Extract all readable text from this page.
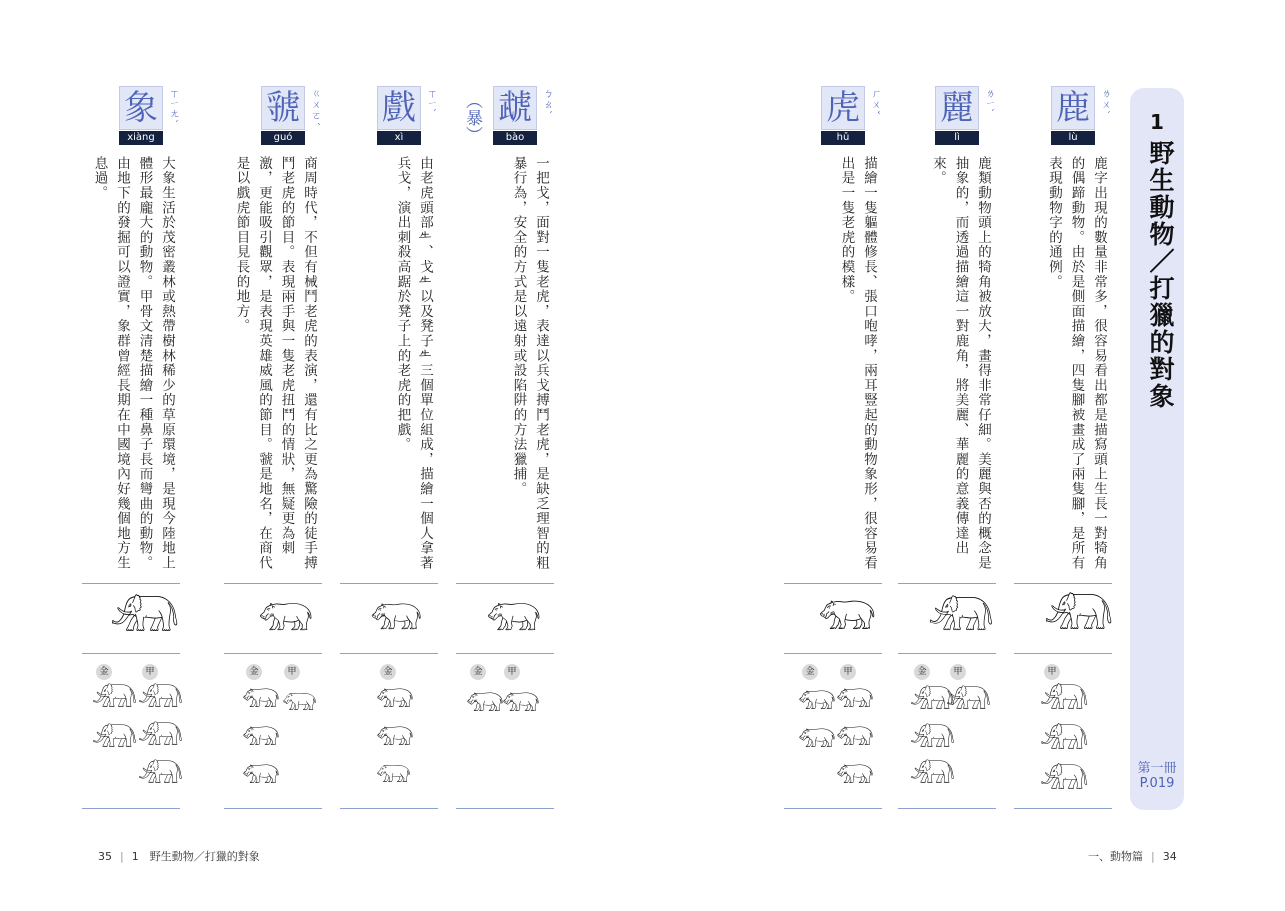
象 ㄒㄧㄤˋ
xiàng
大象生活於茂密叢林或熱帶樹林稀少的草原環境，是現今陸地上體形最龐大的動物。甲骨文清楚描繪一種鼻子長而彎曲的動物。由地下的發掘可以證實，象群曾經長期在中國境內好幾個地方生息過。
𓃰
金	甲
𓃰
𓃰
𓃰
𓃰
𓃰
虢 ㄍㄨㄛˊ
guó
商周時代，不但有械鬥老虎的表演，還有比之更為驚險的徒手搏鬥老虎的節目。表現兩手與一隻老虎扭鬥的情狀，無疑更為刺激，更能吸引觀眾，是表現英雄威風的節目。虢是地名，在商代是以戲虎節目見長的地方。
𓃯
金	甲
𓃯
𓃯
𓃯
𓃯
戲 ㄒㄧˋ
xì
由老虎頭部𠂒、戈𠂒以及凳子𠂒三個單位組成，描繪一個人拿著兵戈，演出刺殺高踞於凳子上的老虎的把戲。
𓃯
金
𓃯
𓃯
𓃯
（暴） 虣 ㄅㄠˋ
bào
一把戈，面對一隻老虎，表達以兵戈搏鬥老虎，是缺乏理智的粗暴行為，安全的方式是以遠射或設陷阱的方法獵捕。
𓃯
金	甲
𓃯
𓃯
虎 ㄏㄨˇ
hǔ
描繪一隻軀體修長、張口咆哮，兩耳豎起的動物象形，很容易看出是一隻老虎的模樣。
𓃯
金	甲
𓃯
𓃯
𓃯
𓃯
𓃯
麗 ㄌㄧˋ
lì
鹿類動物頭上的犄角被放大，畫得非常仔細。美麗與否的概念是抽象的，而透過描繪這一對鹿角，將美麗、華麗的意義傳達出來。
𓃰
金	甲
𓃰
𓃰
𓃰
𓃰
鹿 ㄌㄨˋ
lù
鹿字出現的數量非常多，很容易看出都是描寫頭上生長一對犄角的偶蹄動物。由於是側面描繪，四隻腳被畫成了兩隻腳，是所有表現動物字的通例。
𓃰
甲
𓃰
𓃰
𓃰
1
野生動物／打獵的對象
第一冊
P.019
35 | 1　野生動物／打獵的對象	一、動物篇 | 34
